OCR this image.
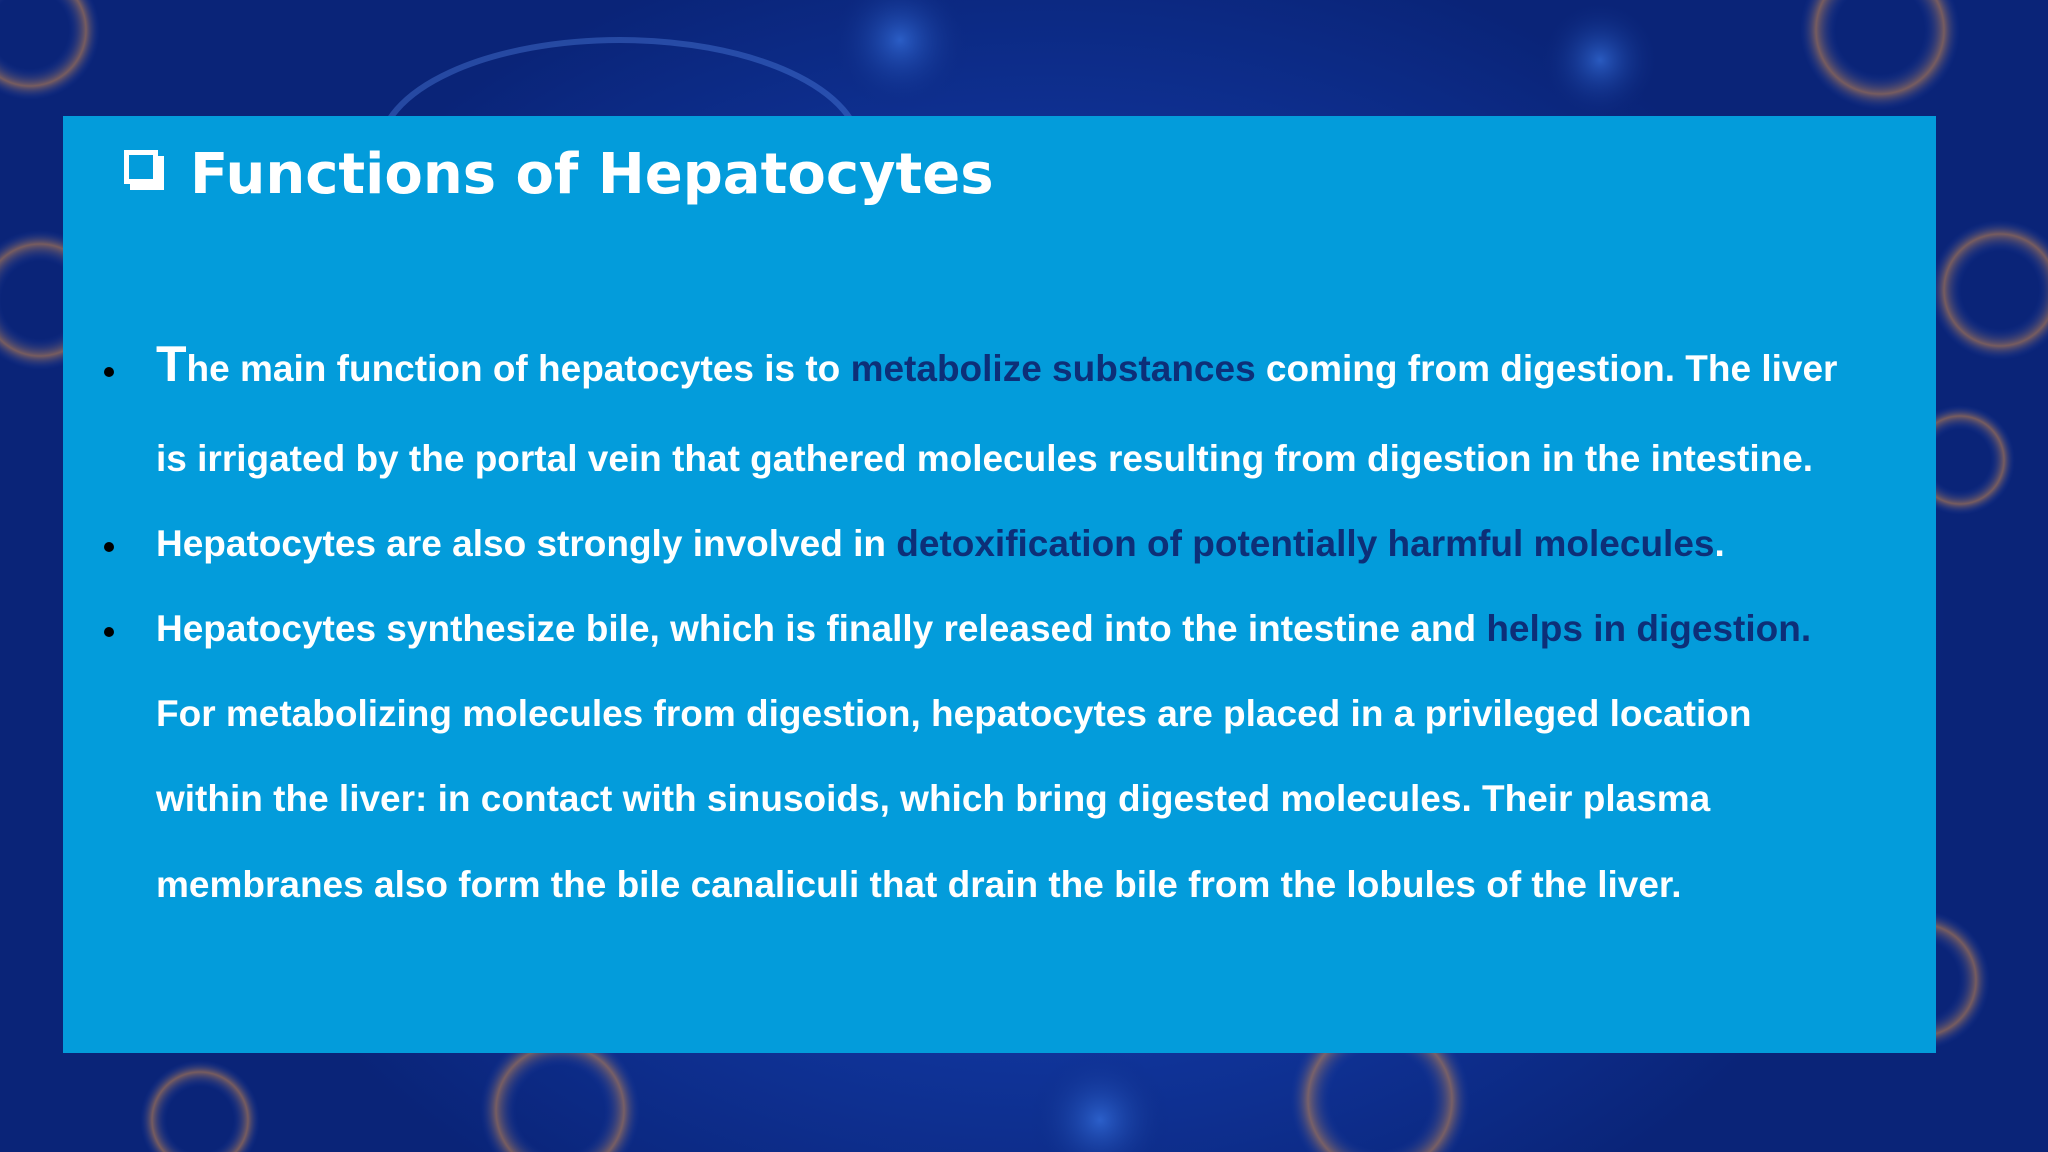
Functions of Hepatocytes
The main function of hepatocytes is to metabolize substances coming from digestion. The liver
is irrigated by the portal vein that gathered molecules resulting from digestion in the intestine.
Hepatocytes are also strongly involved in detoxification of potentially harmful molecules.
Hepatocytes synthesize bile, which is finally released into the intestine and helps in digestion.
For metabolizing molecules from digestion, hepatocytes are placed in a privileged location
within the liver: in contact with sinusoids, which bring digested molecules. Their plasma
membranes also form the bile canaliculi that drain the bile from the lobules of the liver.
